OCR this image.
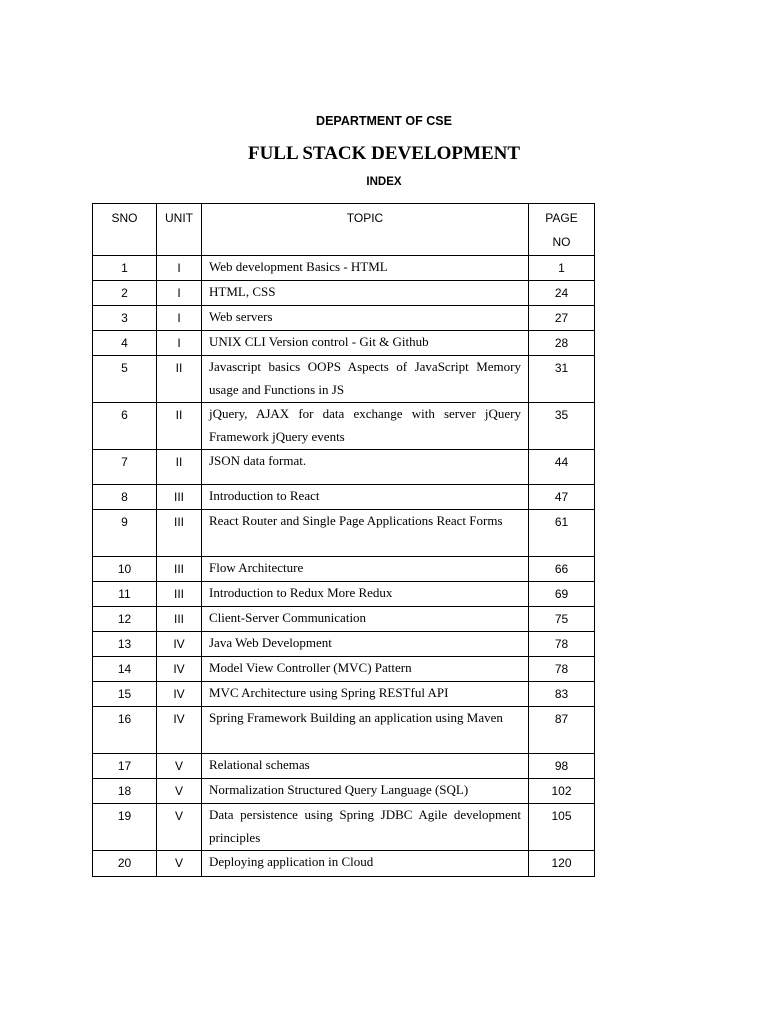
DEPARTMENT OF CSE
FULL STACK DEVELOPMENT
INDEX
SNO	UNIT	TOPIC	PAGE
NO
1	I	Web development Basics - HTML	1
2	I	HTML, CSS	24
3	I	Web servers	27
4	I	UNIX CLI Version control - Git & Github	28
5	II	Javascript basics OOPS Aspects of JavaScript Memory usage and Functions in JS	31
6	II	jQuery, AJAX for data exchange with server jQuery Framework jQuery events	35
7	II	JSON data format.	44
8	III	Introduction to React	47
9	III	React Router and Single Page Applications React Forms	61
10	III	Flow Architecture	66
11	III	Introduction to Redux More Redux	69
12	III	Client-Server Communication	75
13	IV	Java Web Development	78
14	IV	Model View Controller (MVC) Pattern	78
15	IV	MVC Architecture using Spring RESTful API	83
16	IV	Spring Framework Building an application using Maven	87
17	V	Relational schemas	98
18	V	Normalization Structured Query Language (SQL)	102
19	V	Data persistence using Spring JDBC Agile development principles	105
20	V	Deploying application in Cloud	120
